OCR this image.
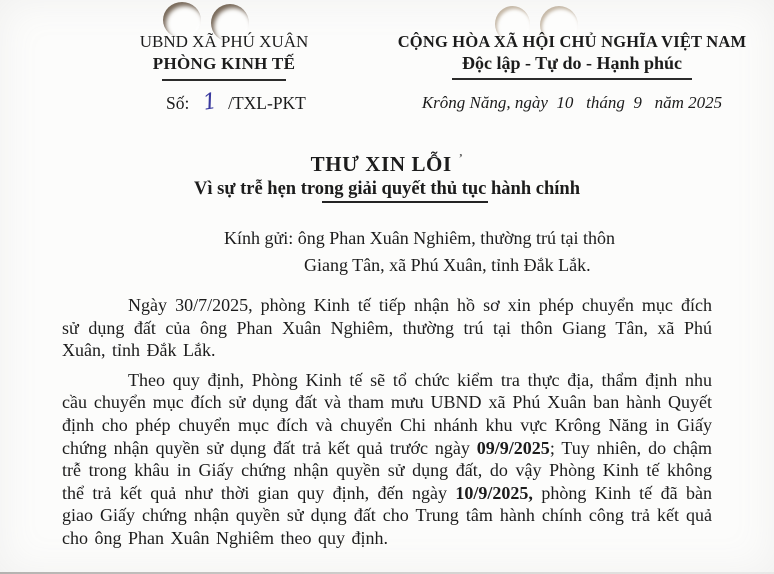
UBND XÃ PHÚ XUÂN
PHÒNG KINH TẾ
Số: 1 /TXL-PKT
CỘNG HÒA XÃ HỘI CHỦ NGHĨA VIỆT NAM
Độc lập - Tự do - Hạnh phúc
Krông Năng, ngày  10   tháng  9   năm 2025
THƯ XIN LỖI $^ʼ$
Vì sự trễ hẹn trong giải quyết thủ tục hành chính
Kính gửi: ông Phan Xuân Nghiêm, thường trú tại thôn
Giang Tân, xã Phú Xuân, tỉnh Đắk Lắk.

Ngày 30/7/2025, phòng Kinh tế tiếp nhận hồ sơ xin phép chuyển mục đích sử dụng đất của ông Phan Xuân Nghiêm, thường trú tại thôn Giang Tân, xã Phú Xuân, tỉnh Đắk Lắk.

Theo quy định, Phòng Kinh tế sẽ tổ chức kiểm tra thực địa, thẩm định nhu cầu chuyển mục đích sử dụng đất và tham mưu UBND xã Phú Xuân ban hành Quyết định cho phép chuyển mục đích và chuyển Chi nhánh khu vực Krông Năng in Giấy chứng nhận quyền sử dụng đất trả kết quả trước ngày 09/9/2025; Tuy nhiên, do chậm trễ trong khâu in Giấy chứng nhận quyền sử dụng đất, do vậy Phòng Kinh tế không thể trả kết quả như thời gian quy định, đến ngày 10/9/2025, phòng Kinh tế đã bàn giao Giấy chứng nhận quyền sử dụng đất cho Trung tâm hành chính công trả kết quả cho ông Phan Xuân Nghiêm theo quy định.
